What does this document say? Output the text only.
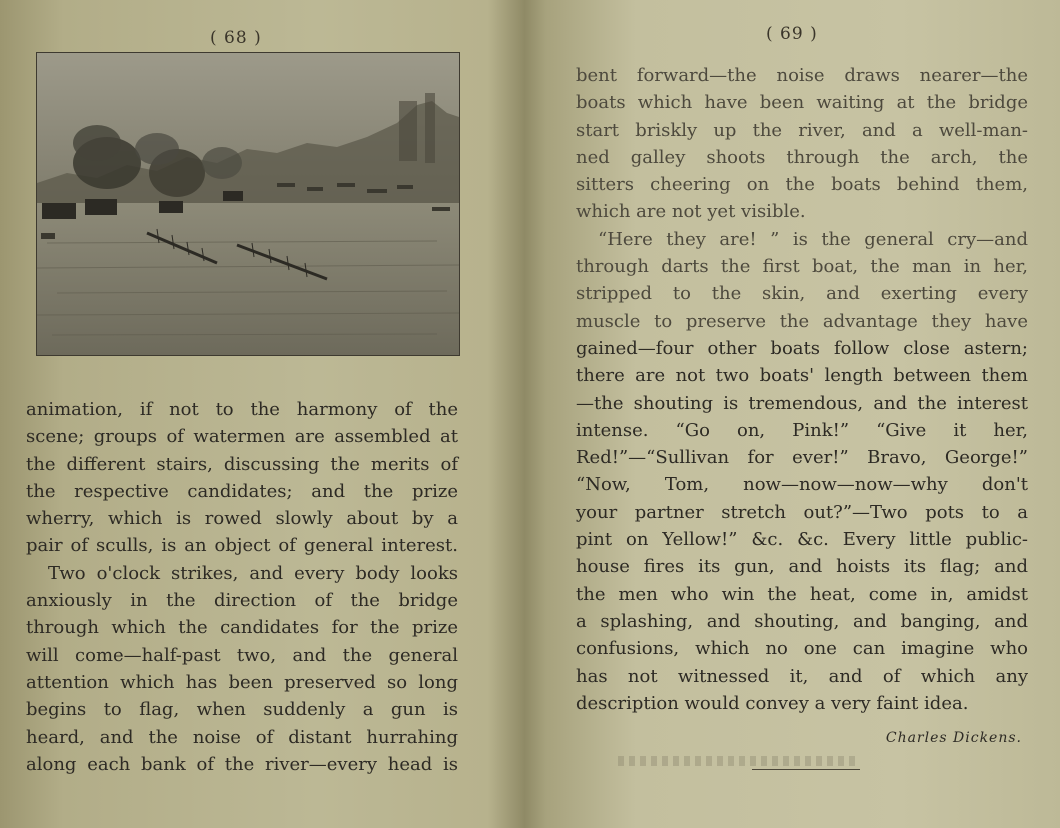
( 68 )
animation, if not to the harmony of the
scene; groups of watermen are assembled at
the different stairs, discussing the merits of
the respective candidates; and the prize
wherry, which is rowed slowly about by a
pair of sculls, is an object of general interest.
Two o'clock strikes, and every body looks
anxiously in the direction of the bridge
through which the candidates for the prize
will come—half-past two, and the general
attention which has been preserved so long
begins to flag, when suddenly a gun is
heard, and the noise of distant hurrahing
along each bank of the river—every head is
( 69 )
bent forward—the noise draws nearer—the
boats which have been waiting at the bridge
start briskly up the river, and a well-man-
ned galley shoots through the arch, the
sitters cheering on the boats behind them,
which are not yet visible.
“Here they are! ” is the general cry—and
through darts the first boat, the man in her,
stripped to the skin, and exerting every
muscle to preserve the advantage they have
gained—four other boats follow close astern;
there are not two boats' length between them
—the shouting is tremendous, and the interest
intense. “Go on, Pink!” “Give it her,
Red!”—“Sullivan for ever!” Bravo, George!”
“Now, Tom, now—now—now—why don't
your partner stretch out?”—Two pots to a
pint on Yellow!” &c. &c. Every little public-
house fires its gun, and hoists its flag; and
the men who win the heat, come in, amidst
a splashing, and shouting, and banging, and
confusions, which no one can imagine who
has not witnessed it, and of which any
description would convey a very faint idea.
Charles Dickens.
